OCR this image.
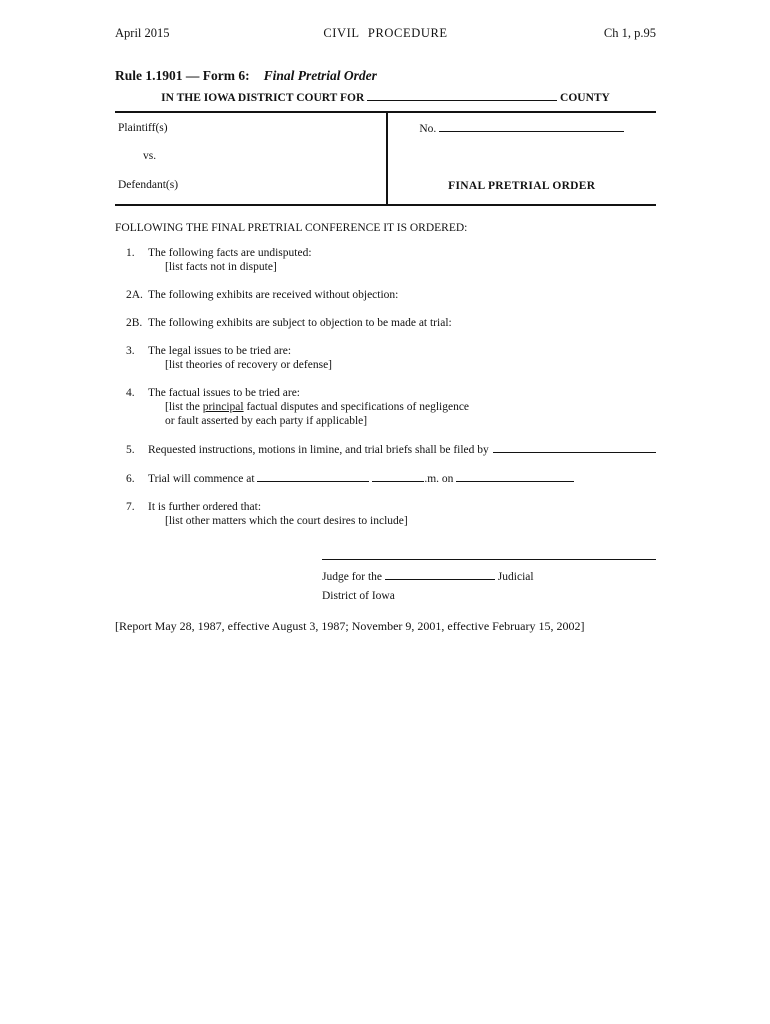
April 2015	CIVIL PROCEDURE	Ch 1, p.95
Rule 1.1901 — Form 6: Final Pretrial Order
IN THE IOWA DISTRICT COURT FOR	COUNTY
Plaintiff(s)
vs.
Defendant(s)
No.
FINAL PRETRIAL ORDER
FOLLOWING THE FINAL PRETRIAL CONFERENCE IT IS ORDERED:
1. The following facts are undisputed:
[list facts not in dispute]
2A. The following exhibits are received without objection:
2B. The following exhibits are subject to objection to be made at trial:
3. The legal issues to be tried are:
[list theories of recovery or defense]
4. The factual issues to be tried are:
[list the principal factual disputes and specifications of negligence
or fault asserted by each party if applicable]
5.	Requested instructions, motions in limine, and trial briefs shall be filed by
6. Trial will commence at	.m. on
7. It is further ordered that:
[list other matters which the court desires to include]
Judge for the	Judicial
District of Iowa
[Report May 28, 1987, effective August 3, 1987; November 9, 2001, effective February 15, 2002]
